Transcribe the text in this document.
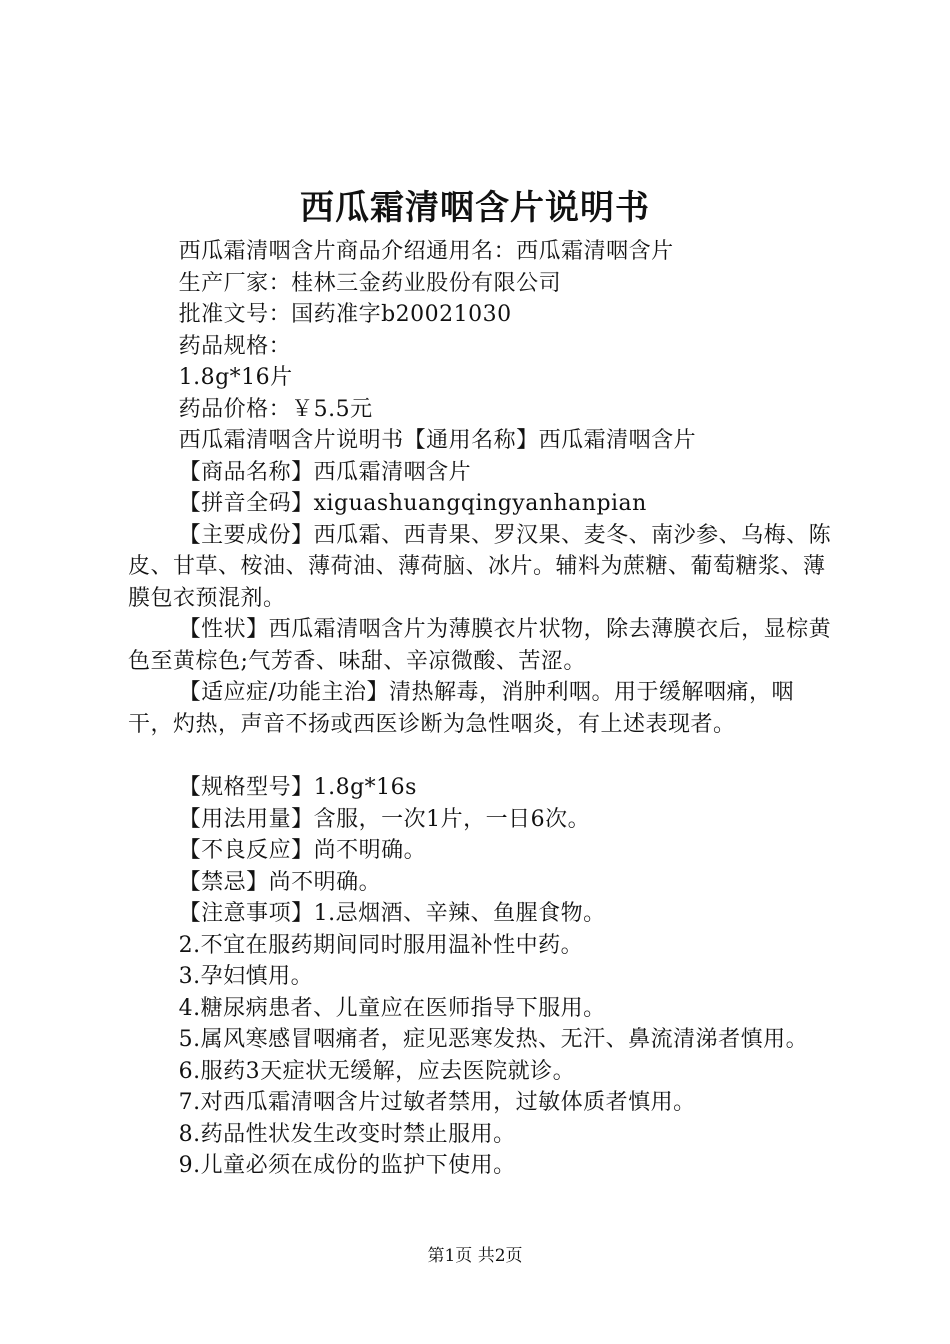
西瓜霜清咽含片说明书

西瓜霜清咽含片商品介绍通用名：西瓜霜清咽含片

生产厂家：桂林三金药业股份有限公司

批准文号：国药准字b20021030

药品规格：

1.8g*16片

药品价格：￥5.5元

西瓜霜清咽含片说明书【通用名称】西瓜霜清咽含片

【商品名称】西瓜霜清咽含片

【拼音全码】xiguashuangqingyanhanpian

【主要成份】西瓜霜、西青果、罗汉果、麦冬、南沙参、乌梅、陈皮、甘草、桉油、薄荷油、薄荷脑、冰片。辅料为蔗糖、葡萄糖浆、薄膜包衣预混剂。

【性状】西瓜霜清咽含片为薄膜衣片状物，除去薄膜衣后，显棕黄色至黄棕色;气芳香、味甜、辛凉微酸、苦涩。

【适应症/功能主治】清热解毒，消肿利咽。用于缓解咽痛，咽干，灼热，声音不扬或西医诊断为急性咽炎，有上述表现者。

【规格型号】1.8g*16s

【用法用量】含服，一次1片，一日6次。

【不良反应】尚不明确。

【禁忌】尚不明确。

【注意事项】1.忌烟酒、辛辣、鱼腥食物。

2.不宜在服药期间同时服用温补性中药。

3.孕妇慎用。

4.糖尿病患者、儿童应在医师指导下服用。

5.属风寒感冒咽痛者，症见恶寒发热、无汗、鼻流清涕者慎用。

6.服药3天症状无缓解，应去医院就诊。

7.对西瓜霜清咽含片过敏者禁用，过敏体质者慎用。

8.药品性状发生改变时禁止服用。

9.儿童必须在成份的监护下使用。

第1页 共2页
